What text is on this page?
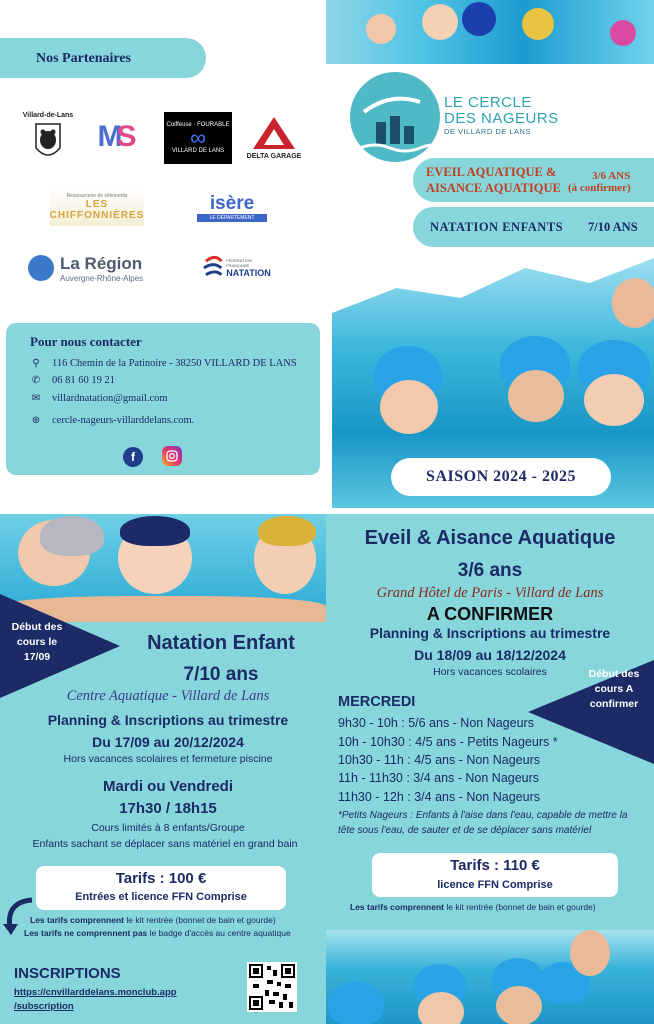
Nos Partenaires
Villard-de-Lans
M
S	Coiffeuse · FOURABLE
∞
VILLARD DE LANS
DELTA GARAGE
Ressourcerie de vêtements
LES CHIFFONNIÈRES
isère
LE DÉPARTEMENT
La Région
Auvergne-Rhône-Alpes
FÉDÉRATION FRANÇAISE
NATATION
Pour nous contacter
⚲ 116 Chemin de la Patinoire - 38250 VILLARD DE LANS
✆ 06 81 60 19 21
✉ villardnatation@gmail.com
⊕ cercle-nageurs-villarddelans.com.
f
LE CERCLE
DES NAGEURS
DE VILLARD DE LANS
EVEIL AQUATIQUE &
AISANCE AQUATIQUE
3/6 ANS
(à confirmer)
NATATION ENFANTS 7/10 ANS
SAISON 2024 - 2025
Début des cours le 17/09
Natation Enfant
7/10 ans
Centre Aquatique - Villard de Lans
Planning & Inscriptions au trimestre
Du 17/09 au 20/12/2024
Hors vacances scolaires et fermeture piscine
Mardi ou Vendredi
17h30 / 18h15
Cours limités à 8 enfants/Groupe
Enfants sachant se déplacer sans matériel en grand bain
Tarifs : 100 €
Entrées et licence FFN Comprise
Les tarifs comprennent le kit rentrée (bonnet de bain et gourde)
Les tarifs ne comprennent pas le badge d'accès au centre aquatique
INSCRIPTIONS
https://cnvillarddelans.monclub.app
/subscription
Eveil & Aisance Aquatique
3/6 ans
Grand Hôtel de Paris - Villard de Lans
A CONFIRMER
Planning & Inscriptions au trimestre
Du 18/09 au 18/12/2024
Hors vacances scolaires	Début des cours A confirmer
MERCREDI
9h30 - 10h : 5/6 ans - Non Nageurs
10h - 10h30 : 4/5 ans - Petits Nageurs *
10h30 - 11h : 4/5 ans - Non Nageurs
11h - 11h30 : 3/4 ans - Non Nageurs
11h30 - 12h : 3/4 ans - Non Nageurs
*Petits Nageurs : Enfants à l'aise dans l'eau, capable de mettre la tête sous l'eau, de sauter et de se déplacer sans matériel
Tarifs : 110 €
licence FFN Comprise
Les tarifs comprennent le kit rentrée (bonnet de bain et gourde)
